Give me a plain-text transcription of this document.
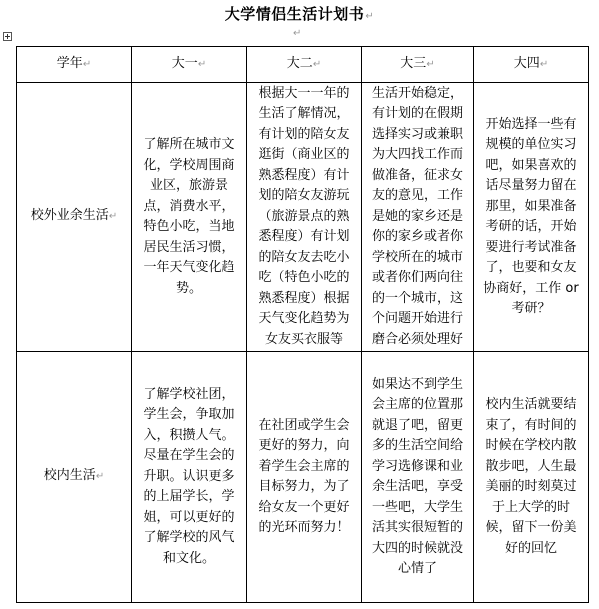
大学情侣生活计划书↵
↵
学年↵	大一↵	大二↵	大三↵	大四↵
校外业余生活↵	了解所在城市文化，学校周围商业区，旅游景点，消费水平，特色小吃，当地居民生活习惯，一年天气变化趋势。	根据大一一年的生活了解情况，有计划的陪女友逛街（商业区的熟悉程度）有计划的陪女友游玩（旅游景点的熟悉程度）有计划的陪女友去吃小吃（特色小吃的熟悉程度）根据天气变化趋势为女友买衣服等	生活开始稳定，有计划的在假期选择实习或兼职为大四找工作而做准备，征求女友的意见，工作是她的家乡还是你的家乡或者你学校所在的城市或者你们两向往的一个城市，这个问题开始进行磨合必须处理好	开始选择一些有规模的单位实习吧，如果喜欢的话尽量努力留在那里，如果准备考研的话，开始要进行考试准备了，也要和女友协商好，工作 or 考研？

校内生活↵	了解学校社团，学生会，争取加入，积攒人气。尽量在学生会的升职。认识更多的上届学长，学姐，可以更好的了解学校的风气和文化。	在社团或学生会更好的努力，向着学生会主席的目标努力，为了给女友一个更好的光环而努力！	如果达不到学生会主席的位置那就退了吧，留更多的生活空间给学习选修课和业余生活吧，享受一些吧，大学生活其实很短暂的大四的时候就没心情了	校内生活就要结束了，有时间的时候在学校内散散步吧，人生最美丽的时刻莫过于上大学的时候，留下一份美好的回忆
